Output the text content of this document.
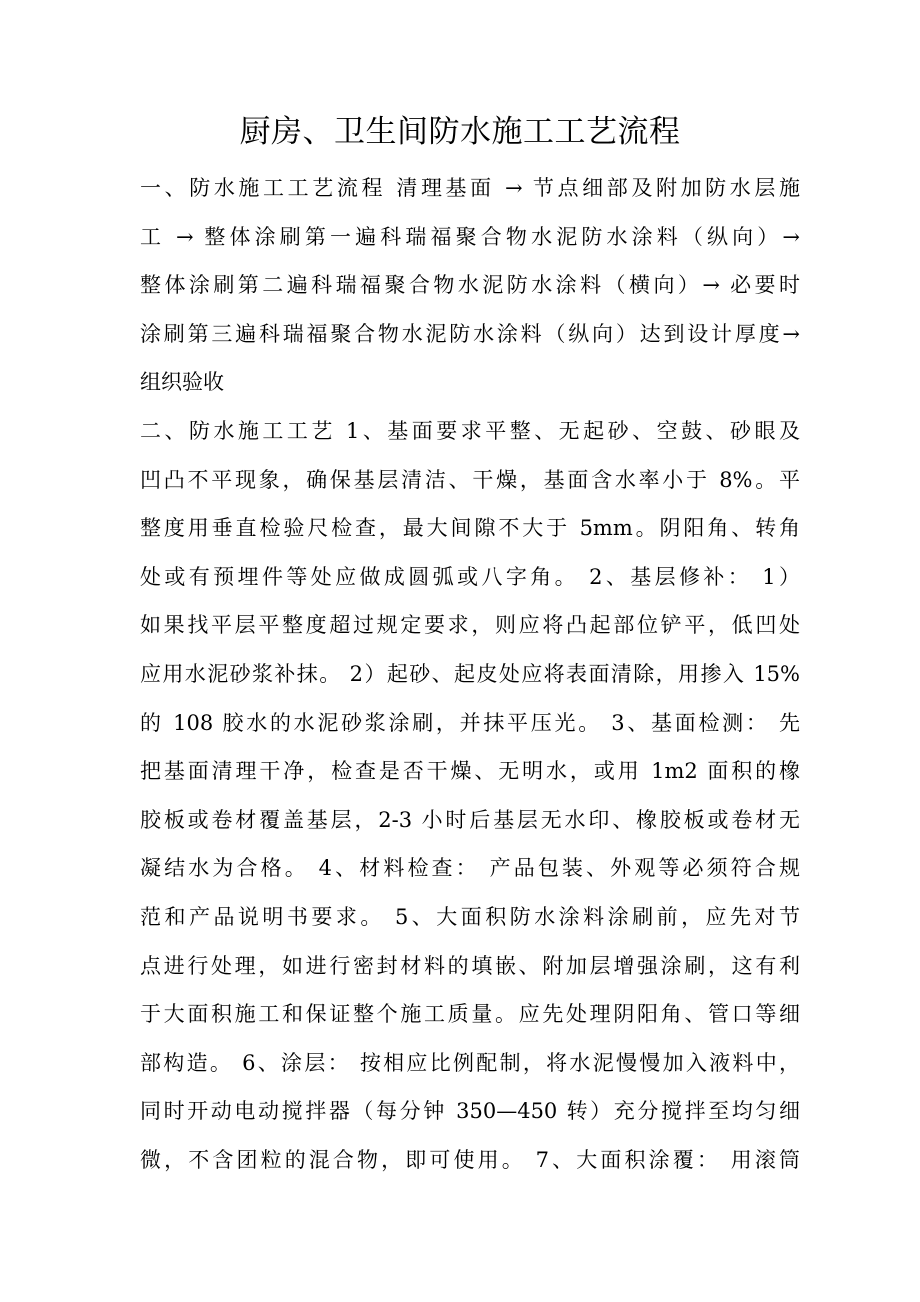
厨房、卫生间防水施工工艺流程
一、防水施工工艺流程 清理基面 → 节点细部及附加防水层施
工 → 整体涂刷第一遍科瑞福聚合物水泥防水涂料（纵向）→
整体涂刷第二遍科瑞福聚合物水泥防水涂料（横向）→ 必要时
涂刷第三遍科瑞福聚合物水泥防水涂料（纵向）达到设计厚度→
组织验收
二、防水施工工艺 1、基面要求平整、无起砂、空鼓、砂眼及
凹凸不平现象，确保基层清洁、干燥，基面含水率小于 8%。平
整度用垂直检验尺检查，最大间隙不大于 5mm。阴阳角、转角
处或有预埋件等处应做成圆弧或八字角。 2、基层修补： 1）
如果找平层平整度超过规定要求，则应将凸起部位铲平，低凹处
应用水泥砂浆补抹。 2）起砂、起皮处应将表面清除，用掺入 15%
的 108 胶水的水泥砂浆涂刷，并抹平压光。 3、基面检测： 先
把基面清理干净，检查是否干燥、无明水，或用 1m2 面积的橡
胶板或卷材覆盖基层，2-3 小时后基层无水印、橡胶板或卷材无
凝结水为合格。 4、材料检查： 产品包装、外观等必须符合规
范和产品说明书要求。 5、大面积防水涂料涂刷前，应先对节
点进行处理，如进行密封材料的填嵌、附加层增强涂刷，这有利
于大面积施工和保证整个施工质量。应先处理阴阳角、管口等细
部构造。 6、涂层： 按相应比例配制，将水泥慢慢加入液料中，
同时开动电动搅拌器（每分钟 350—450 转）充分搅拌至均匀细
微，不含团粒的混合物，即可使用。 7、大面积涂覆： 用滚筒
